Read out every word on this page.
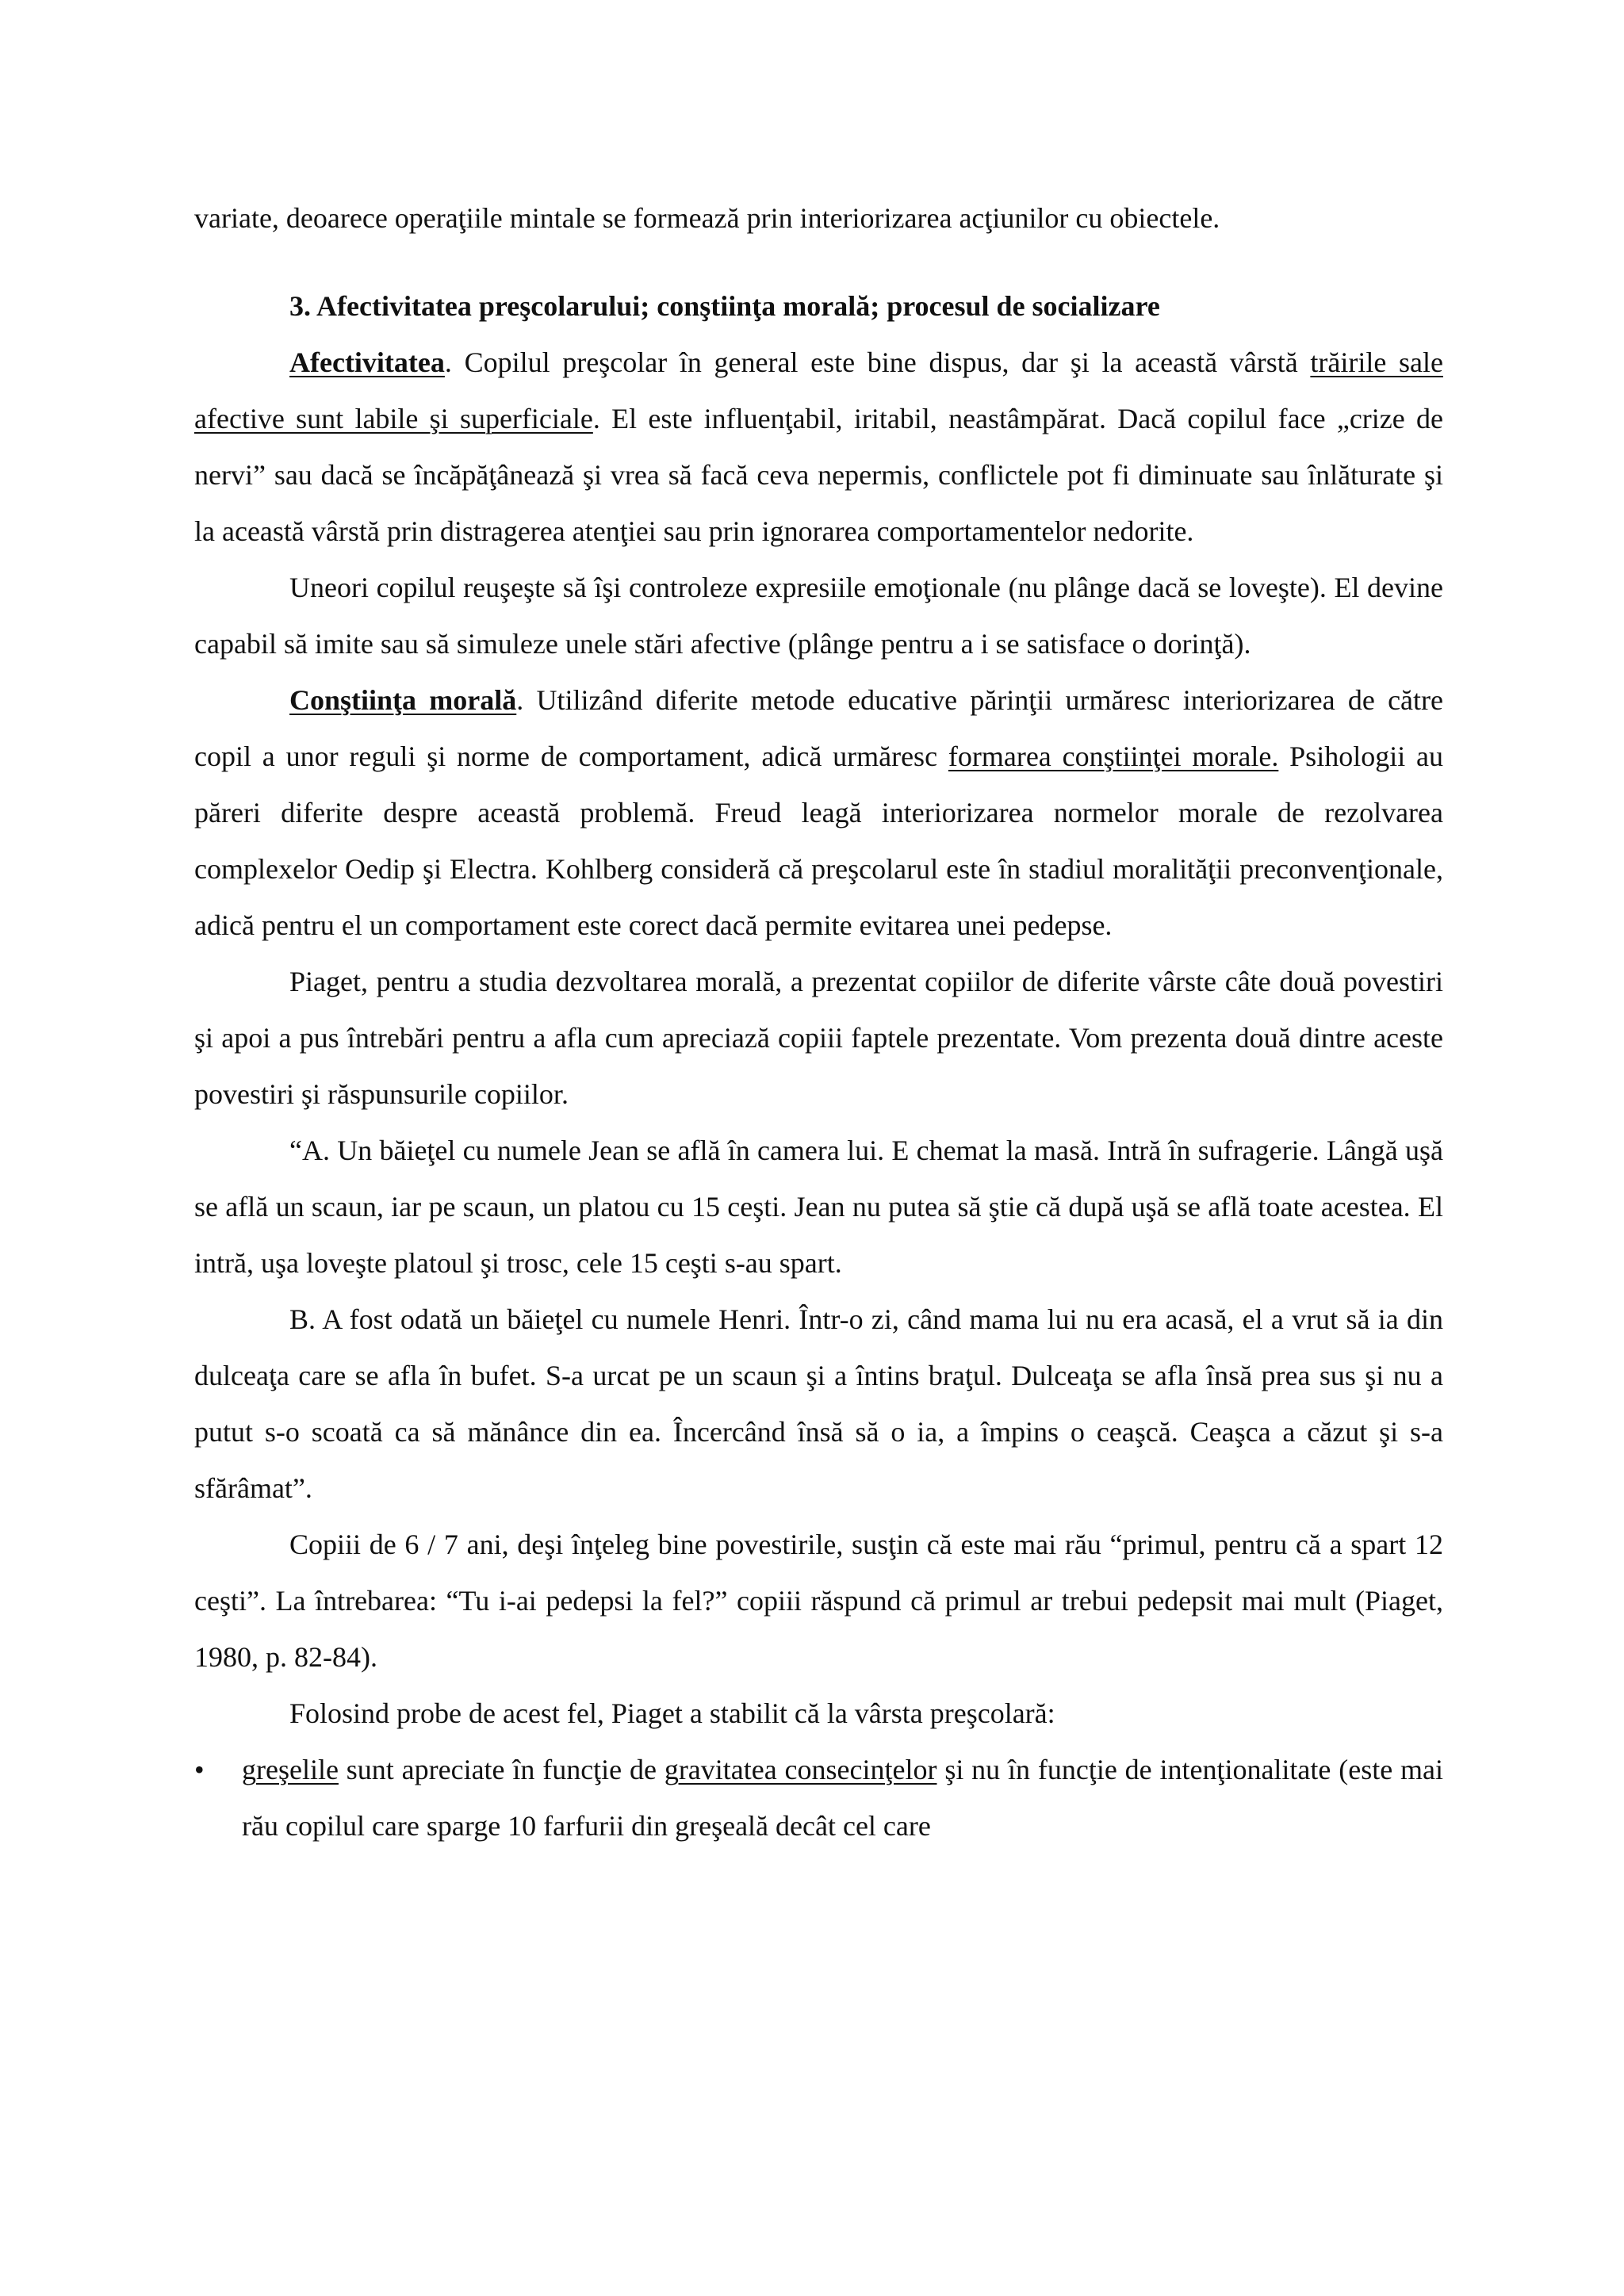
variate, deoarece operaţiile mintale se formează prin interiorizarea acţiunilor cu obiectele.

3. Afectivitatea preşcolarului; conştiinţa morală; procesul de socializare

Afectivitatea. Copilul preşcolar în general este bine dispus, dar şi la această vârstă trăirile sale afective sunt labile şi superficiale. El este influenţabil, iritabil, neastâmpărat. Dacă copilul face „crize de nervi” sau dacă se încăpăţânează şi vrea să facă ceva nepermis, conflictele pot fi diminuate sau înlăturate şi la această vârstă prin distragerea atenţiei sau prin ignorarea comportamentelor nedorite.

Uneori copilul reuşeşte să îşi controleze expresiile emoţionale (nu plânge dacă se loveşte). El devine capabil să imite sau să simuleze unele stări afective (plânge pentru a i se satisface o dorinţă).

Conştiinţa morală. Utilizând diferite metode educative părinţii urmăresc interiorizarea de către copil a unor reguli şi norme de comportament, adică urmăresc formarea conştiinţei morale. Psihologii au păreri diferite despre această problemă. Freud leagă interiorizarea normelor morale de rezolvarea complexelor Oedip şi Electra. Kohlberg consideră că preşcolarul este în stadiul moralităţii preconvenţionale, adică pentru el un comportament este corect dacă permite evitarea unei pedepse.

Piaget, pentru a studia dezvoltarea morală, a prezentat copiilor de diferite vârste câte două povestiri şi apoi a pus întrebări pentru a afla cum apreciază copiii faptele prezentate. Vom prezenta două dintre aceste povestiri şi răspunsurile copiilor.

“A. Un băieţel cu numele Jean se află în camera lui. E chemat la masă. Intră în sufragerie. Lângă uşă se află un scaun, iar pe scaun, un platou cu 15 ceşti. Jean nu putea să ştie că după uşă se află toate acestea. El intră, uşa loveşte platoul şi trosc, cele 15 ceşti s-au spart.

B. A fost odată un băieţel cu numele Henri. Într-o zi, când mama lui nu era acasă, el a vrut să ia din dulceaţa care se afla în bufet. S-a urcat pe un scaun şi a întins braţul. Dulceaţa se afla însă prea sus şi nu a putut s-o scoată ca să mănânce din ea. Încercând însă să o ia, a împins o ceaşcă. Ceaşca a căzut şi s-a sfărâmat”.

Copiii de 6 / 7 ani, deşi înţeleg bine povestirile, susţin că este mai rău “primul, pentru că a spart 12 ceşti”. La întrebarea: “Tu i-ai pedepsi la fel?” copiii răspund că primul ar trebui pedepsit mai mult (Piaget, 1980, p. 82-84).

Folosind probe de acest fel, Piaget a stabilit că la vârsta preşcolară:

•	greşelile sunt apreciate în funcţie de gravitatea consecinţelor şi nu în funcţie de intenţionalitate (este mai rău copilul care sparge 10 farfurii din greşeală decât cel care
